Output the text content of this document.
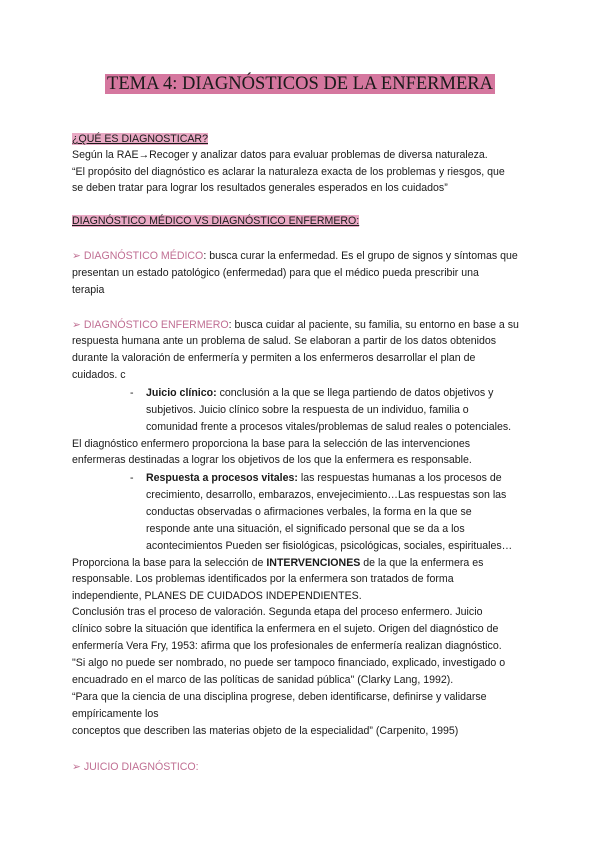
TEMA 4: DIAGNÓSTICOS DE LA ENFERMERA
¿QUÉ ES DIAGNOSTICAR?
Según la RAE→Recoger y analizar datos para evaluar problemas de diversa naturaleza.
“El propósito del diagnóstico es aclarar la naturaleza exacta de los problemas y riesgos, que
se deben tratar para lograr los resultados generales esperados en los cuidados”
DIAGNÓSTICO MÉDICO VS DIAGNÓSTICO ENFERMERO:
➢ DIAGNÓSTICO MÉDICO: busca curar la enfermedad. Es el grupo de signos y síntomas que
presentan un estado patológico (enfermedad) para que el médico pueda prescribir una
terapia
➢ DIAGNÓSTICO ENFERMERO: busca cuidar al paciente, su familia, su entorno en base a su
respuesta humana ante un problema de salud. Se elaboran a partir de los datos obtenidos
durante la valoración de enfermería y permiten a los enfermeros desarrollar el plan de
cuidados. c
- Juicio clínico: conclusión a la que se llega partiendo de datos objetivos y
subjetivos. Juicio clínico sobre la respuesta de un individuo, familia o
comunidad frente a procesos vitales/problemas de salud reales o potenciales.
El diagnóstico enfermero proporciona la base para la selección de las intervenciones
enfermeras destinadas a lograr los objetivos de los que la enfermera es responsable.
- Respuesta a procesos vitales: las respuestas humanas a los procesos de
crecimiento, desarrollo, embarazos, envejecimiento…Las respuestas son las
conductas observadas o afirmaciones verbales, la forma en la que se
responde ante una situación, el significado personal que se da a los
acontecimientos Pueden ser fisiológicas, psicológicas, sociales, espirituales…
Proporciona la base para la selección de INTERVENCIONES de la que la enfermera es
responsable. Los problemas identificados por la enfermera son tratados de forma
independiente, PLANES DE CUIDADOS INDEPENDIENTES.
Conclusión tras el proceso de valoración. Segunda etapa del proceso enfermero. Juicio
clínico sobre la situación que identifica la enfermera en el sujeto. Origen del diagnóstico de
enfermería Vera Fry, 1953: afirma que los profesionales de enfermería realizan diagnóstico.
"Si algo no puede ser nombrado, no puede ser tampoco financiado, explicado, investigado o
encuadrado en el marco de las políticas de sanidad pública" (Clarky Lang, 1992).
“Para que la ciencia de una disciplina progrese, deben identificarse, definirse y validarse
empíricamente los
conceptos que describen las materias objeto de la especialidad” (Carpenito, 1995)
➢ JUICIO DIAGNÓSTICO:
